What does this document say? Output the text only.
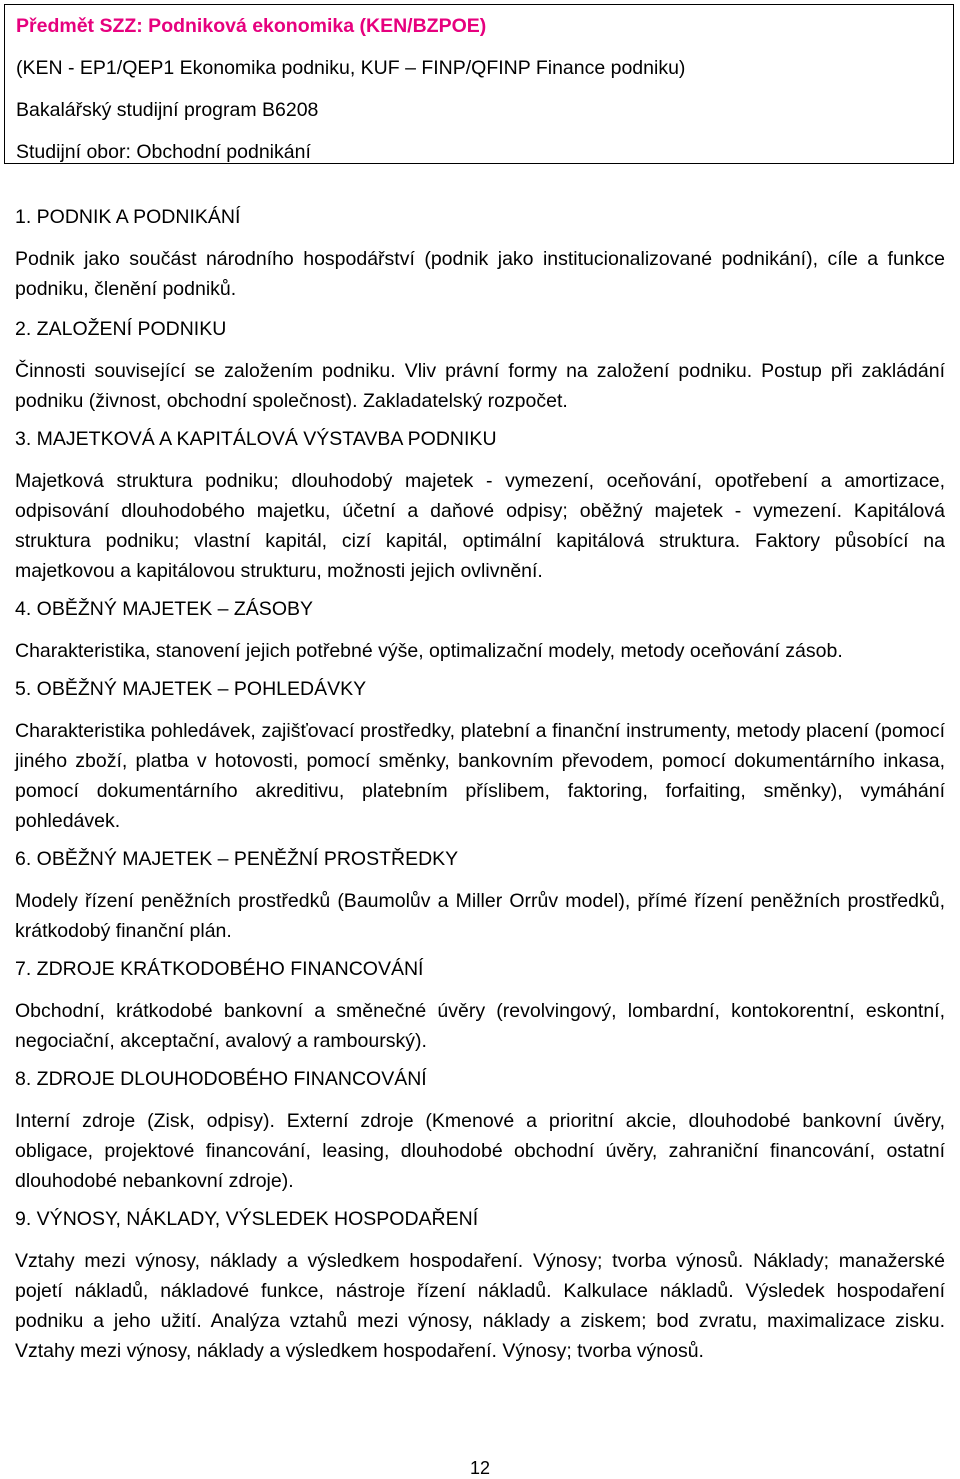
Předmět SZZ: Podniková ekonomika (KEN/BZPOE)
(KEN - EP1/QEP1 Ekonomika podniku, KUF – FINP/QFINP Finance podniku)
Bakalářský studijní program B6208
Studijní obor: Obchodní podnikání
1. PODNIK A PODNIKÁNÍ
Podnik jako součást národního hospodářství (podnik jako institucionalizované podnikání), cíle a funkce podniku, členění podniků.
2. ZALOŽENÍ PODNIKU
Činnosti související se založením podniku. Vliv právní formy na založení podniku. Postup při zakládání podniku (živnost, obchodní společnost). Zakladatelský rozpočet.
3. MAJETKOVÁ A KAPITÁLOVÁ VÝSTAVBA PODNIKU
Majetková struktura podniku; dlouhodobý majetek - vymezení, oceňování, opotřebení a amortizace, odpisování dlouhodobého majetku, účetní a daňové odpisy; oběžný majetek - vymezení. Kapitálová struktura podniku; vlastní kapitál, cizí kapitál, optimální kapitálová struktura. Faktory působící na majetkovou a kapitálovou strukturu, možnosti jejich ovlivnění.
4. OBĚŽNÝ MAJETEK – ZÁSOBY
Charakteristika, stanovení jejich potřebné výše, optimalizační modely, metody oceňování zásob.
5. OBĚŽNÝ MAJETEK – POHLEDÁVKY
Charakteristika pohledávek, zajišťovací prostředky, platební a finanční instrumenty, metody placení (pomocí jiného zboží, platba v hotovosti, pomocí směnky, bankovním převodem, pomocí dokumentárního inkasa, pomocí dokumentárního akreditivu, platebním příslibem, faktoring, forfaiting, směnky), vymáhání pohledávek.
6. OBĚŽNÝ MAJETEK – PENĚŽNÍ PROSTŘEDKY
Modely řízení peněžních prostředků (Baumolův a Miller Orrův model), přímé řízení peněžních prostředků, krátkodobý finanční plán.
7. ZDROJE KRÁTKODOBÉHO FINANCOVÁNÍ
Obchodní, krátkodobé bankovní a směnečné úvěry (revolvingový, lombardní, kontokorentní, eskontní, negociační, akceptační, avalový a rambourský).
8. ZDROJE DLOUHODOBÉHO FINANCOVÁNÍ
Interní zdroje (Zisk, odpisy). Externí zdroje (Kmenové a prioritní akcie, dlouhodobé bankovní úvěry, obligace, projektové financování, leasing, dlouhodobé obchodní úvěry, zahraniční financování, ostatní dlouhodobé nebankovní zdroje).
9. VÝNOSY, NÁKLADY, VÝSLEDEK HOSPODAŘENÍ
Vztahy mezi výnosy, náklady a výsledkem hospodaření. Výnosy; tvorba výnosů. Náklady; manažerské pojetí nákladů, nákladové funkce, nástroje řízení nákladů. Kalkulace nákladů. Výsledek hospodaření podniku a jeho užití. Analýza vztahů mezi výnosy, náklady a ziskem; bod zvratu, maximalizace zisku. Vztahy mezi výnosy, náklady a výsledkem hospodaření. Výnosy; tvorba výnosů.
12
